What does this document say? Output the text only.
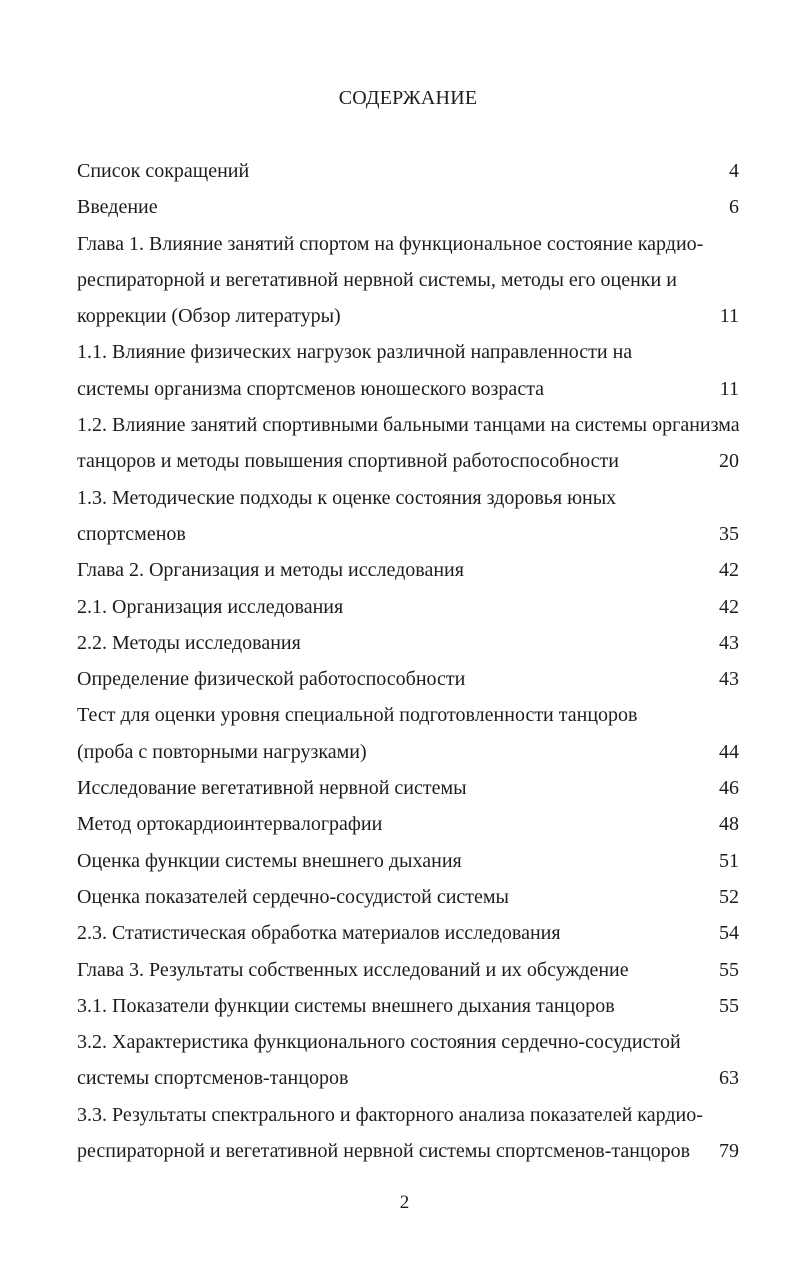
СОДЕРЖАНИЕ
Список сокращений	4
Введение	6
Глава 1. Влияние занятий спортом на функциональное состояние кардио-
респираторной и вегетативной нервной системы, методы его оценки и
коррекции (Обзор литературы)	11
1.1. Влияние физических нагрузок различной направленности на
системы организма спортсменов юношеского возраста	11
1.2. Влияние занятий спортивными бальными танцами на системы организма
танцоров и методы повышения спортивной работоспособности	20
1.3. Методические подходы к оценке состояния здоровья юных
спортсменов	35
Глава 2. Организация и методы исследования	42
2.1. Организация исследования	42
2.2. Методы исследования	43
Определение физической работоспособности	43
Тест для оценки уровня специальной подготовленности танцоров
(проба с повторными нагрузками)	44
Исследование вегетативной нервной системы	46
Метод ортокардиоинтервалографии	48
Оценка функции системы внешнего дыхания	51
Оценка показателей сердечно-сосудистой системы	52
2.3. Статистическая обработка материалов исследования	54
Глава 3. Результаты собственных исследований и их обсуждение	55
3.1. Показатели функции системы внешнего дыхания танцоров	55
3.2. Характеристика функционального состояния сердечно-сосудистой
системы спортсменов-танцоров	63
3.3. Результаты спектрального и факторного анализа показателей кардио-
респираторной и вегетативной нервной системы спортсменов-танцоров	79
2
